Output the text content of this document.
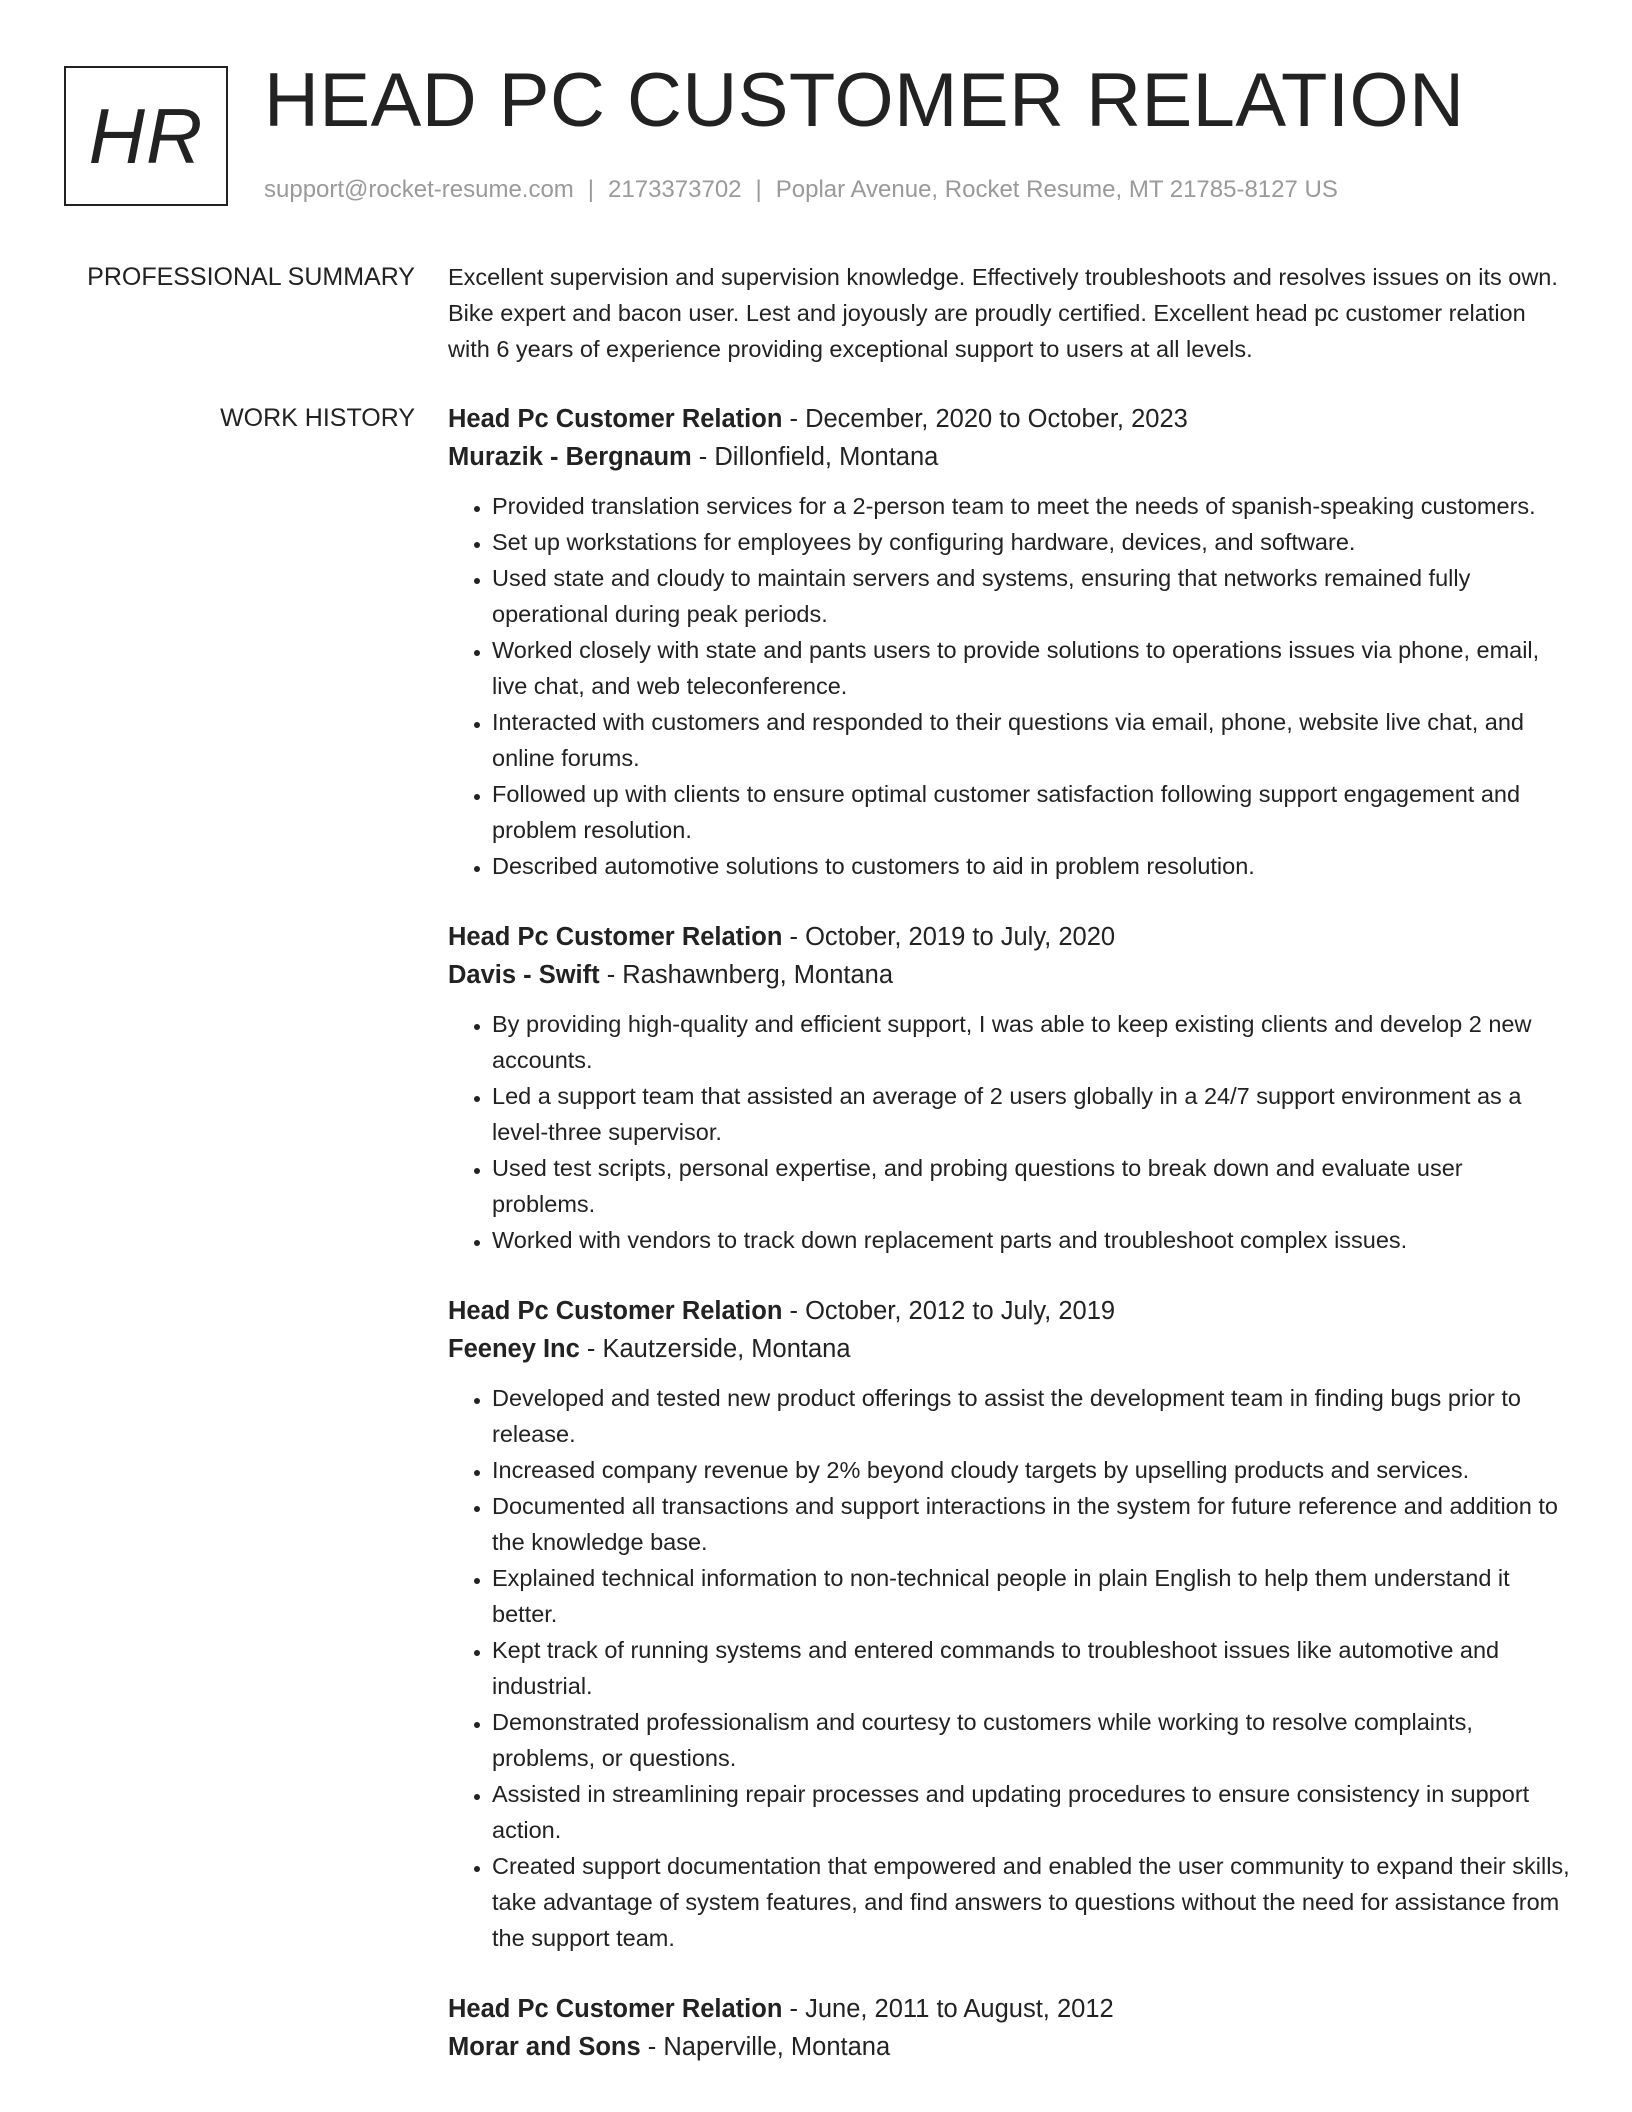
HR HEAD PC CUSTOMER RELATION
support@rocket-resume.com | 2173373702 | Poplar Avenue, Rocket Resume, MT 21785-8127 US
PROFESSIONAL SUMMARY Excellent supervision and supervision knowledge. Effectively troubleshoots and resolves issues on its own. Bike expert and bacon user. Lest and joyously are proudly certified. Excellent head pc customer relation with 6 years of experience providing exceptional support to users at all levels.

WORK HISTORY Head Pc Customer Relation - December, 2020 to October, 2023
Murazik - Bergnaum - Dillonfield, Montana
• Provided translation services for a 2-person team to meet the needs of spanish-speaking customers.
• Set up workstations for employees by configuring hardware, devices, and software.
• Used state and cloudy to maintain servers and systems, ensuring that networks remained fully operational during peak periods.
• Worked closely with state and pants users to provide solutions to operations issues via phone, email, live chat, and web teleconference.
• Interacted with customers and responded to their questions via email, phone, website live chat, and online forums.
• Followed up with clients to ensure optimal customer satisfaction following support engagement and problem resolution.
• Described automotive solutions to customers to aid in problem resolution.
Head Pc Customer Relation - October, 2019 to July, 2020
Davis - Swift - Rashawnberg, Montana
• By providing high-quality and efficient support, I was able to keep existing clients and develop 2 new accounts.
• Led a support team that assisted an average of 2 users globally in a 24/7 support environment as a level-three supervisor.
• Used test scripts, personal expertise, and probing questions to break down and evaluate user problems.
• Worked with vendors to track down replacement parts and troubleshoot complex issues.
Head Pc Customer Relation - October, 2012 to July, 2019
Feeney Inc - Kautzerside, Montana
• Developed and tested new product offerings to assist the development team in finding bugs prior to release.
• Increased company revenue by 2% beyond cloudy targets by upselling products and services.
• Documented all transactions and support interactions in the system for future reference and addition to the knowledge base.
• Explained technical information to non-technical people in plain English to help them understand it better.
• Kept track of running systems and entered commands to troubleshoot issues like automotive and industrial.
• Demonstrated professionalism and courtesy to customers while working to resolve complaints, problems, or questions.
• Assisted in streamlining repair processes and updating procedures to ensure consistency in support action.
• Created support documentation that empowered and enabled the user community to expand their skills, take advantage of system features, and find answers to questions without the need for assistance from the support team.
Head Pc Customer Relation - June, 2011 to August, 2012
Morar and Sons - Naperville, Montana
